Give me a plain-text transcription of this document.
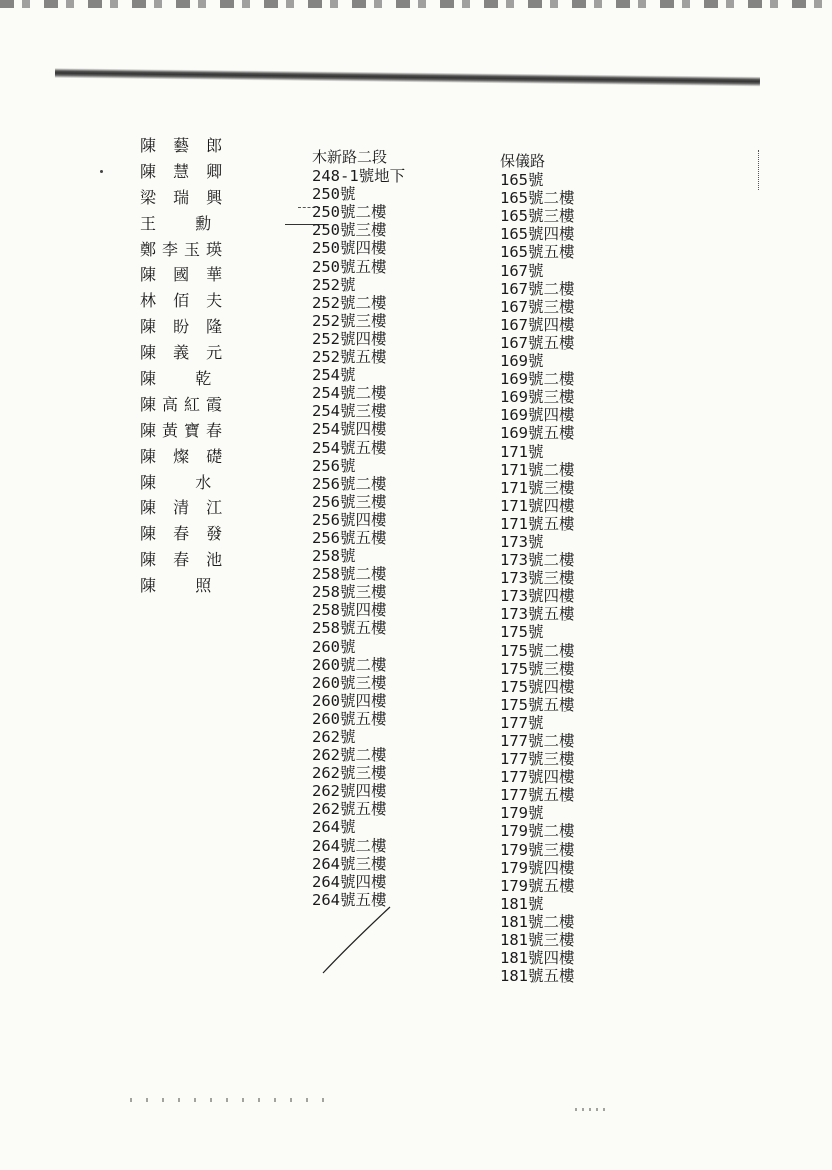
陳 藝 郎
陳 慧 卿
梁 瑞 興
王   勳
鄭李玉瑛
陳 國 華
林 佰 夫
陳 盼 隆
陳 義 元
陳   乾
陳高紅霞
陳黃寶春
陳 燦 礎
陳   水
陳 清 江
陳 春 發
陳 春 池
陳   照
木新路二段
248-1號地下
250號
250號二樓
250號三樓
250號四樓
250號五樓
252號
252號二樓
252號三樓
252號四樓
252號五樓
254號
254號二樓
254號三樓
254號四樓
254號五樓
256號
256號二樓
256號三樓
256號四樓
256號五樓
258號
258號二樓
258號三樓
258號四樓
258號五樓
260號
260號二樓
260號三樓
260號四樓
260號五樓
262號
262號二樓
262號三樓
262號四樓
262號五樓
264號
264號二樓
264號三樓
264號四樓
264號五樓
保儀路
165號
165號二樓
165號三樓
165號四樓
165號五樓
167號
167號二樓
167號三樓
167號四樓
167號五樓
169號
169號二樓
169號三樓
169號四樓
169號五樓
171號
171號二樓
171號三樓
171號四樓
171號五樓
173號
173號二樓
173號三樓
173號四樓
173號五樓
175號
175號二樓
175號三樓
175號四樓
175號五樓
177號
177號二樓
177號三樓
177號四樓
177號五樓
179號
179號二樓
179號三樓
179號四樓
179號五樓
181號
181號二樓
181號三樓
181號四樓
181號五樓
